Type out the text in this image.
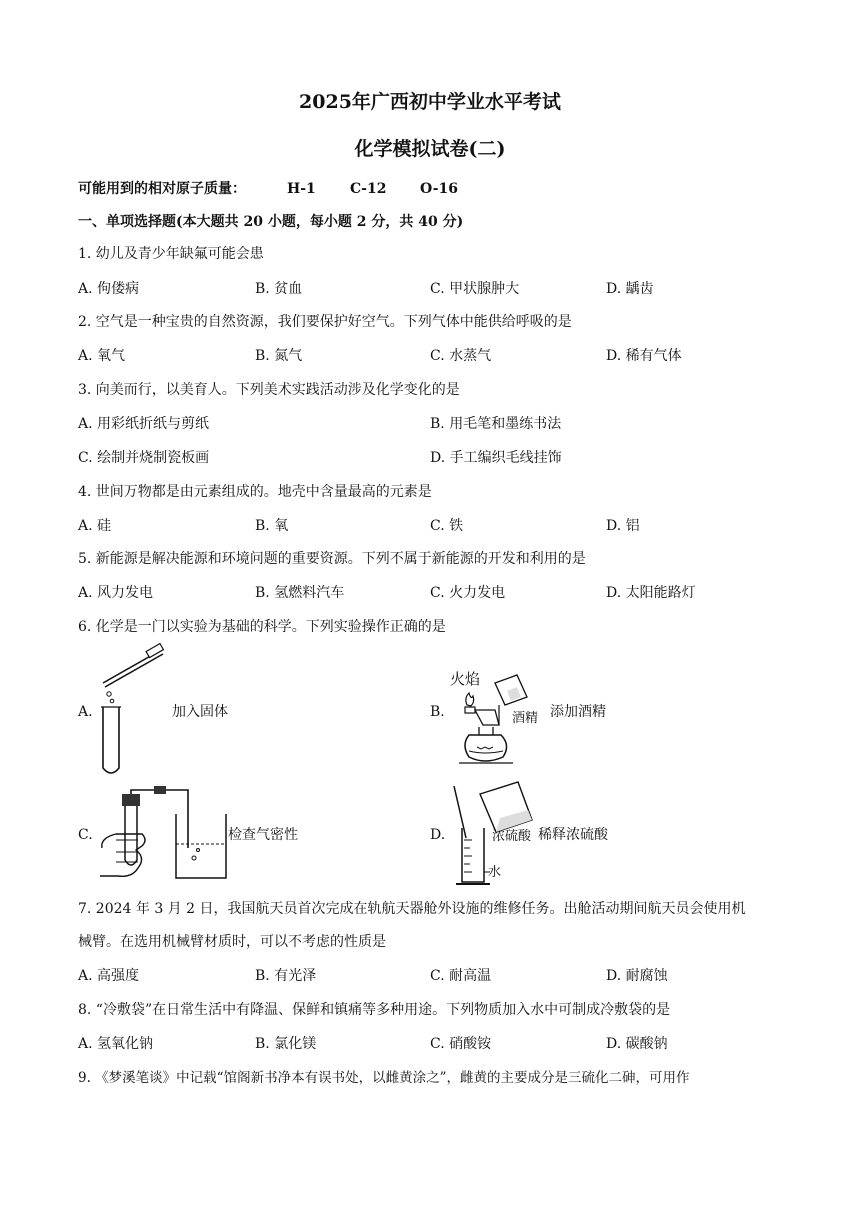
2025年广西初中学业水平考试
化学模拟试卷(二)
可能用到的相对原子质量：	H-1 C-12 O-16
一、单项选择题(本大题共 20 小题，每小题 2 分，共 40 分)
1. 幼儿及青少年缺氟可能会患
A. 佝偻病	B. 贫血	C. 甲状腺肿大	D. 龋齿
2. 空气是一种宝贵的自然资源，我们要保护好空气。下列气体中能供给呼吸的是
A. 氧气	B. 氮气	C. 水蒸气	D. 稀有气体
3. 向美而行，以美育人。下列美术实践活动涉及化学变化的是
A. 用彩纸折纸与剪纸	B. 用毛笔和墨练书法
C. 绘制并烧制瓷板画	D. 手工编织毛线挂饰
4. 世间万物都是由元素组成的。地壳中含量最高的元素是
A. 硅	B. 氧	C. 铁	D. 铝
5. 新能源是解决能源和环境问题的重要资源。下列不属于新能源的开发和利用的是
A. 风力发电	B. 氢燃料汽车	C. 火力发电	D. 太阳能路灯
6. 化学是一门以实验为基础的科学。下列实验操作正确的是
A.	加入固体	B.	添加酒精
火焰
酒精
C.	检查气密性	D.	稀释浓硫酸
浓硫酸
水
7. 2024 年 3 月 2 日，我国航天员首次完成在轨航天器舱外设施的维修任务。出舱活动期间航天员会使用机
械臂。在选用机械臂材质时，可以不考虑的性质是
A. 高强度	B. 有光泽	C. 耐高温	D. 耐腐蚀
8. “冷敷袋”在日常生活中有降温、保鲜和镇痛等多种用途。下列物质加入水中可制成冷敷袋的是
A. 氢氧化钠	B. 氯化镁	C. 硝酸铵	D. 碳酸钠
9. 《梦溪笔谈》中记载“馆阁新书净本有误书处，以雌黄涂之”，雌黄的主要成分是三硫化二砷，可用作
